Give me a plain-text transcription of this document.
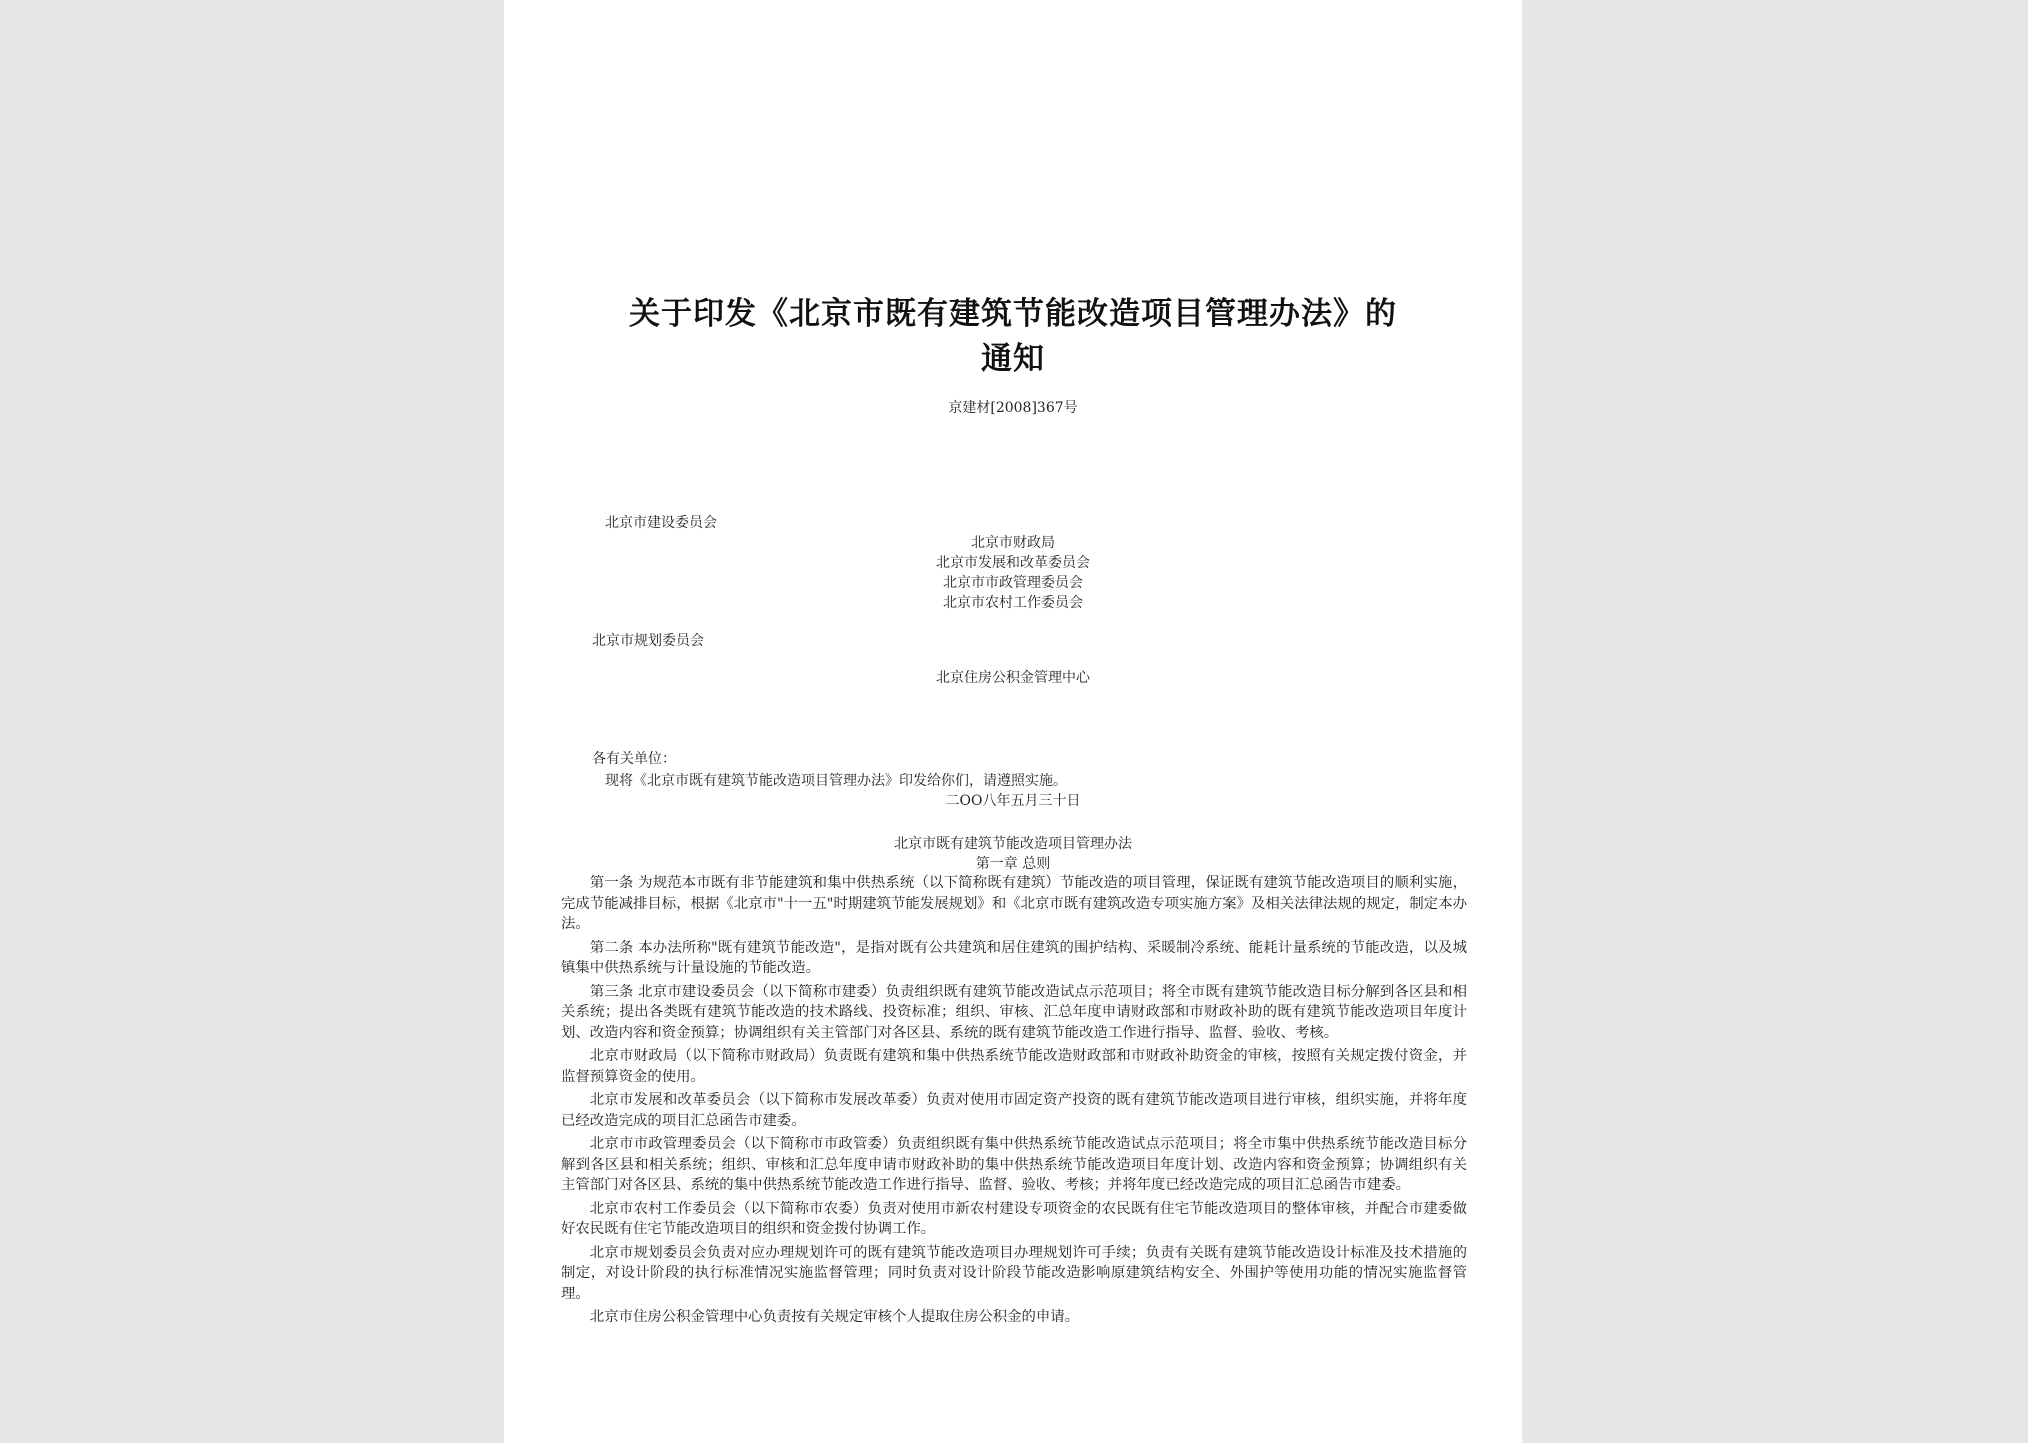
关于印发《北京市既有建筑节能改造项目管理办法》的
通知
京建材[2008]367号
北京市建设委员会
北京市财政局
北京市发展和改革委员会
北京市市政管理委员会
北京市农村工作委员会
北京市规划委员会
北京住房公积金管理中心
各有关单位：
现将《北京市既有建筑节能改造项目管理办法》印发给你们，请遵照实施。
二OO八年五月三十日
北京市既有建筑节能改造项目管理办法
第一章 总则

第一条 为规范本市既有非节能建筑和集中供热系统（以下简称既有建筑）节能改造的项目管理，保证既有建筑节能改造项目的顺利实施，完成节能减排目标，根据《北京市"十一五"时期建筑节能发展规划》和《北京市既有建筑改造专项实施方案》及相关法律法规的规定，制定本办法。

第二条 本办法所称"既有建筑节能改造"，是指对既有公共建筑和居住建筑的围护结构、采暖制冷系统、能耗计量系统的节能改造，以及城镇集中供热系统与计量设施的节能改造。

第三条 北京市建设委员会（以下简称市建委）负责组织既有建筑节能改造试点示范项目；将全市既有建筑节能改造目标分解到各区县和相关系统；提出各类既有建筑节能改造的技术路线、投资标准；组织、审核、汇总年度申请财政部和市财政补助的既有建筑节能改造项目年度计划、改造内容和资金预算；协调组织有关主管部门对各区县、系统的既有建筑节能改造工作进行指导、监督、验收、考核。

北京市财政局（以下简称市财政局）负责既有建筑和集中供热系统节能改造财政部和市财政补助资金的审核，按照有关规定拨付资金，并监督预算资金的使用。

北京市发展和改革委员会（以下简称市发展改革委）负责对使用市固定资产投资的既有建筑节能改造项目进行审核，组织实施，并将年度已经改造完成的项目汇总函告市建委。

北京市市政管理委员会（以下简称市市政管委）负责组织既有集中供热系统节能改造试点示范项目；将全市集中供热系统节能改造目标分解到各区县和相关系统；组织、审核和汇总年度申请市财政补助的集中供热系统节能改造项目年度计划、改造内容和资金预算；协调组织有关主管部门对各区县、系统的集中供热系统节能改造工作进行指导、监督、验收、考核；并将年度已经改造完成的项目汇总函告市建委。

北京市农村工作委员会（以下简称市农委）负责对使用市新农村建设专项资金的农民既有住宅节能改造项目的整体审核，并配合市建委做好农民既有住宅节能改造项目的组织和资金拨付协调工作。

北京市规划委员会负责对应办理规划许可的既有建筑节能改造项目办理规划许可手续；负责有关既有建筑节能改造设计标准及技术措施的制定，对设计阶段的执行标准情况实施监督管理；同时负责对设计阶段节能改造影响原建筑结构安全、外围护等使用功能的情况实施监督管理。

北京市住房公积金管理中心负责按有关规定审核个人提取住房公积金的申请。
